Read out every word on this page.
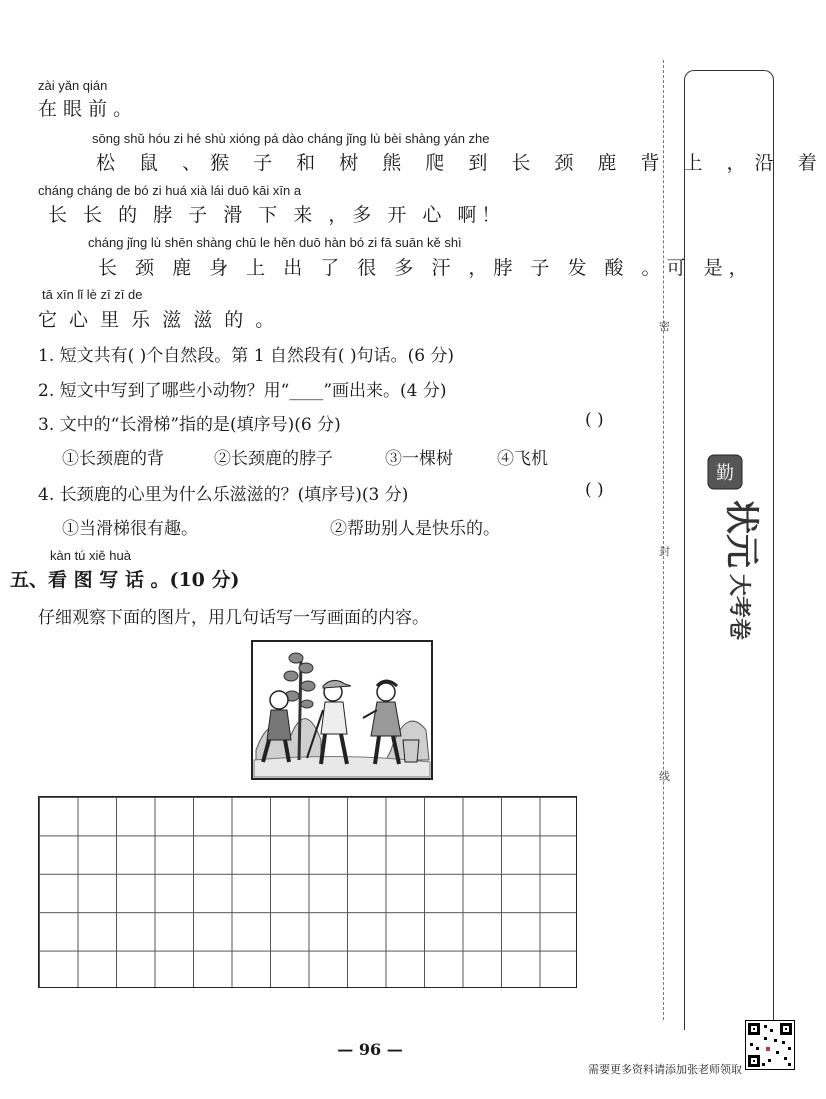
zài yǎn qián
在 眼 前 。
sōng shǔ hóu zi hé shù xióng pá dào cháng jǐng lù bèi shàng yán zhe
松 鼠 、猴 子 和 树 熊 爬 到 长 颈 鹿 背 上 ，沿 着
cháng cháng de bó zi huá xià lái duō kāi xīn a
长 长 的 脖 子 滑 下 来 ，多 开 心 啊！
cháng jǐng lù shēn shàng chū le hěn duō hàn bó zi fā suān kě shì
长 颈 鹿 身 上 出 了 很 多 汗 ，脖 子 发 酸 。可 是，
tā xīn lǐ lè zī zī de
它 心 里 乐 滋 滋 的 。
1. 短文共有( )个自然段。第 1 自然段有( )句话。(6 分)
2. 短文中写到了哪些小动物？用“____”画出来。(4 分)
3. 文中的“长滑梯”指的是(填序号)(6 分)	( )
①长颈鹿的背	②长颈鹿的脖子	③一棵树	④飞机
4. 长颈鹿的心里为什么乐滋滋的？(填序号)(3 分)	( )
①当滑梯很有趣。	②帮助别人是快乐的。
kàn tú xiě huà
五、看 图 写 话 。(10 分)
仔细观察下面的图片，用几句话写一写画面的内容。
密
封
线
勤
状元
大考卷
— 96 —
需要更多资料请添加张老师领取
